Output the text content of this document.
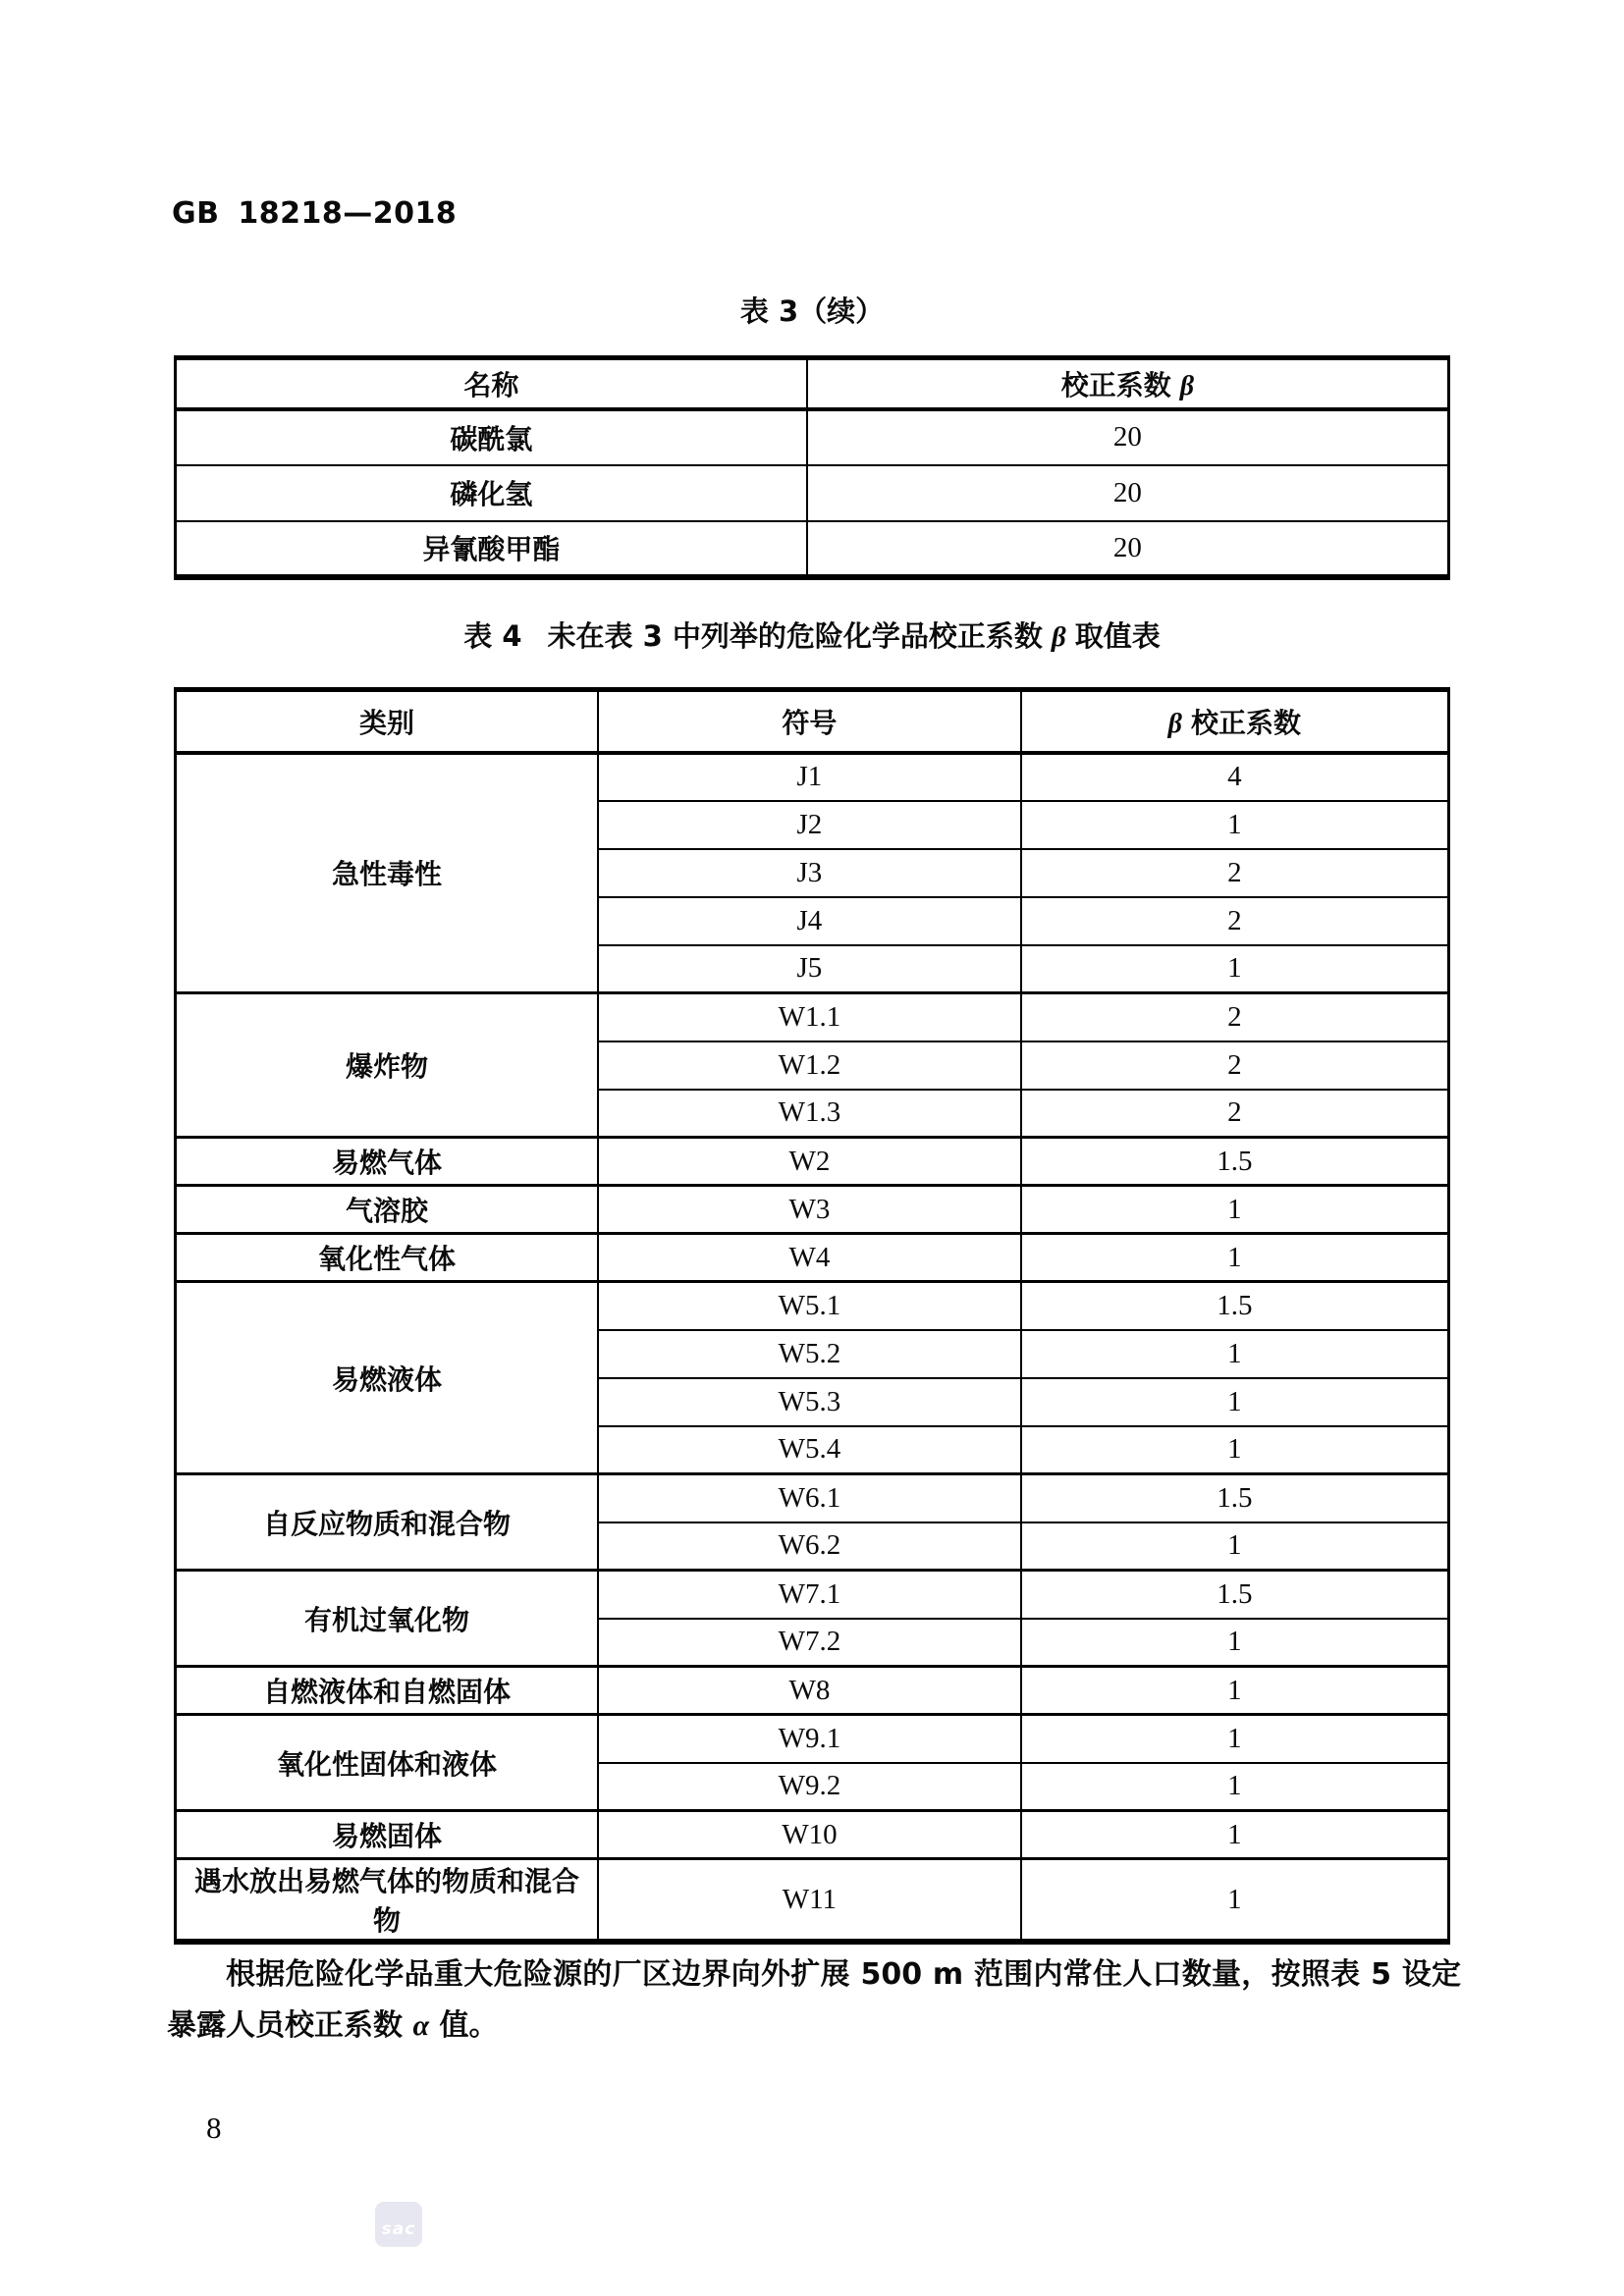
GB 18218—2018
表 3（续）
名称	校正系数 β
碳酰氯	20
磷化氢	20
异氰酸甲酯	20
表 4 未在表 3 中列举的危险化学品校正系数 β 取值表
类别	符号	β 校正系数
急性毒性	J1	4
	J2	1
	J3	2
	J4	2
	J5	1
爆炸物	W1.1	2
	W1.2	2
	W1.3	2
易燃气体	W2	1.5
气溶胶	W3	1
氧化性气体	W4	1
易燃液体	W5.1	1.5
	W5.2	1
	W5.3	1
	W5.4	1
自反应物质和混合物	W6.1	1.5
	W6.2	1
有机过氧化物	W7.1	1.5
	W7.2	1
自燃液体和自燃固体	W8	1
氧化性固体和液体	W9.1	1
	W9.2	1
易燃固体	W10	1
遇水放出易燃气体的物质和混合物	W11	1
根据危险化学品重大危险源的厂区边界向外扩展 500 m 范围内常住人口数量，按照表 5 设定暴露人员校正系数 α 值。
8
sac
